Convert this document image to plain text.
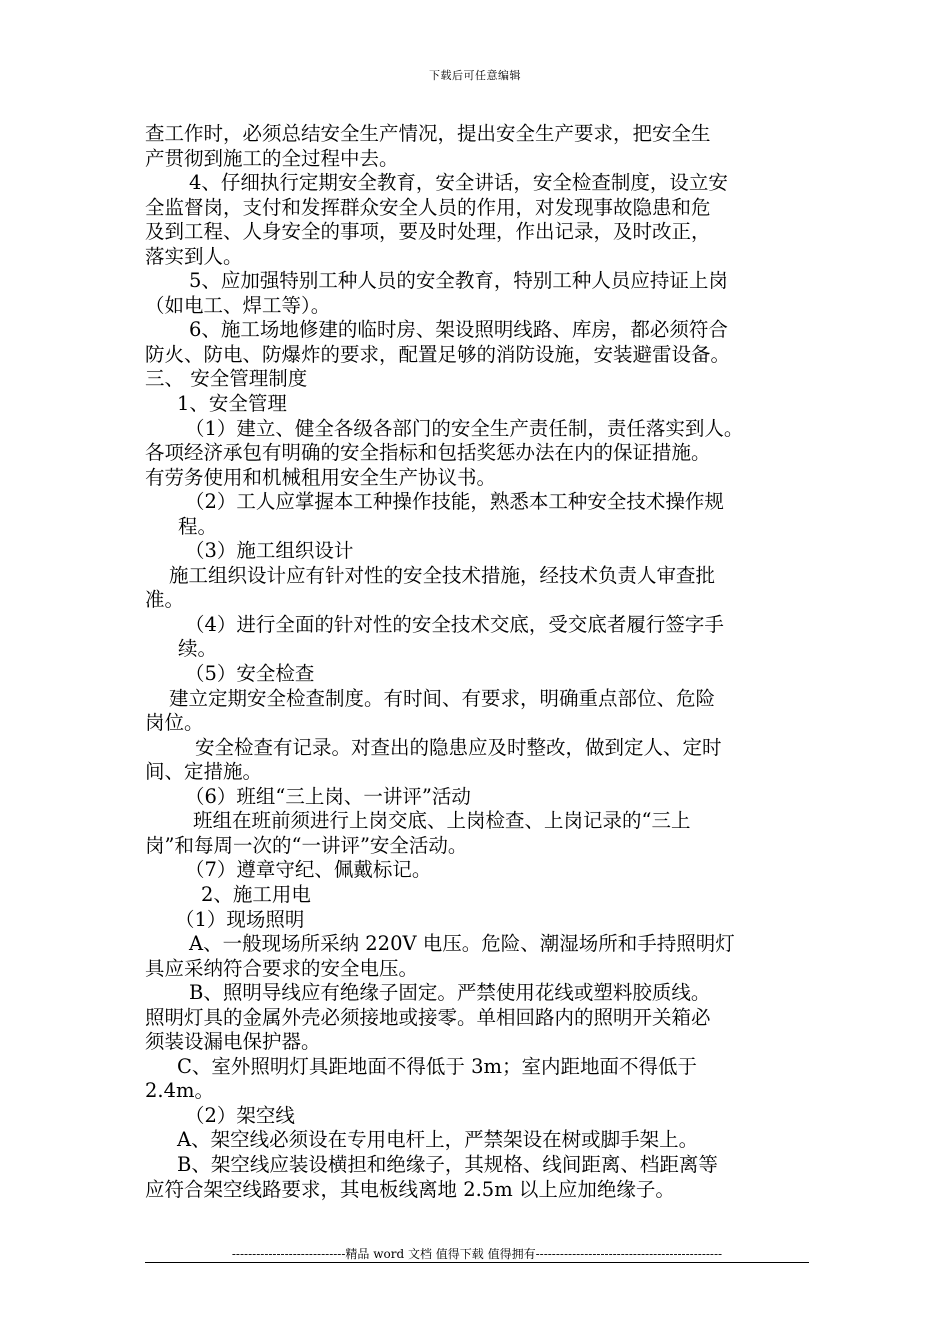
下载后可任意编辑
查工作时，必须总结安全生产情况，提出安全生产要求，把安全生
产贯彻到施工的全过程中去。
4、仔细执行定期安全教育，安全讲话，安全检查制度，设立安
全监督岗，支付和发挥群众安全人员的作用，对发现事故隐患和危
及到工程、人身安全的事项，要及时处理，作出记录，及时改正，
落实到人。
5、应加强特别工种人员的安全教育，特别工种人员应持证上岗
（如电工、焊工等）。
6、施工场地修建的临时房、架设照明线路、库房，都必须符合
防火、防电、防爆炸的要求，配置足够的消防设施，安装避雷设备。
三、 安全管理制度
1、安全管理
（1）建立、健全各级各部门的安全生产责任制，责任落实到人。
各项经济承包有明确的安全指标和包括奖惩办法在内的保证措施。
有劳务使用和机械租用安全生产协议书。
（2）工人应掌握本工种操作技能，熟悉本工种安全技术操作规
程。
（3）施工组织设计
施工组织设计应有针对性的安全技术措施，经技术负责人审查批
准。
（4）进行全面的针对性的安全技术交底，受交底者履行签字手
续。
（5）安全检查
建立定期安全检查制度。有时间、有要求，明确重点部位、危险
岗位。
安全检查有记录。对查出的隐患应及时整改，做到定人、定时
间、定措施。
（6）班组“三上岗、一讲评”活动
班组在班前须进行上岗交底、上岗检查、上岗记录的“三上
岗”和每周一次的“一讲评”安全活动。
（7）遵章守纪、佩戴标记。
2、施工用电
（1）现场照明
A、一般现场所采纳 220V 电压。危险、潮湿场所和手持照明灯
具应采纳符合要求的安全电压。
B、照明导线应有绝缘子固定。严禁使用花线或塑料胶质线。
照明灯具的金属外壳必须接地或接零。单相回路内的照明开关箱必
须装设漏电保护器。
C、室外照明灯具距地面不得低于 3m；室内距地面不得低于
2.4m。
（2）架空线
A、架空线必须设在专用电杆上，严禁架设在树或脚手架上。
B、架空线应装设横担和绝缘子，其规格、线间距离、档距离等
应符合架空线路要求，其电板线离地 2.5m 以上应加绝缘子。
----------------------------精品 word 文档 值得下载 值得拥有----------------------------------------------
